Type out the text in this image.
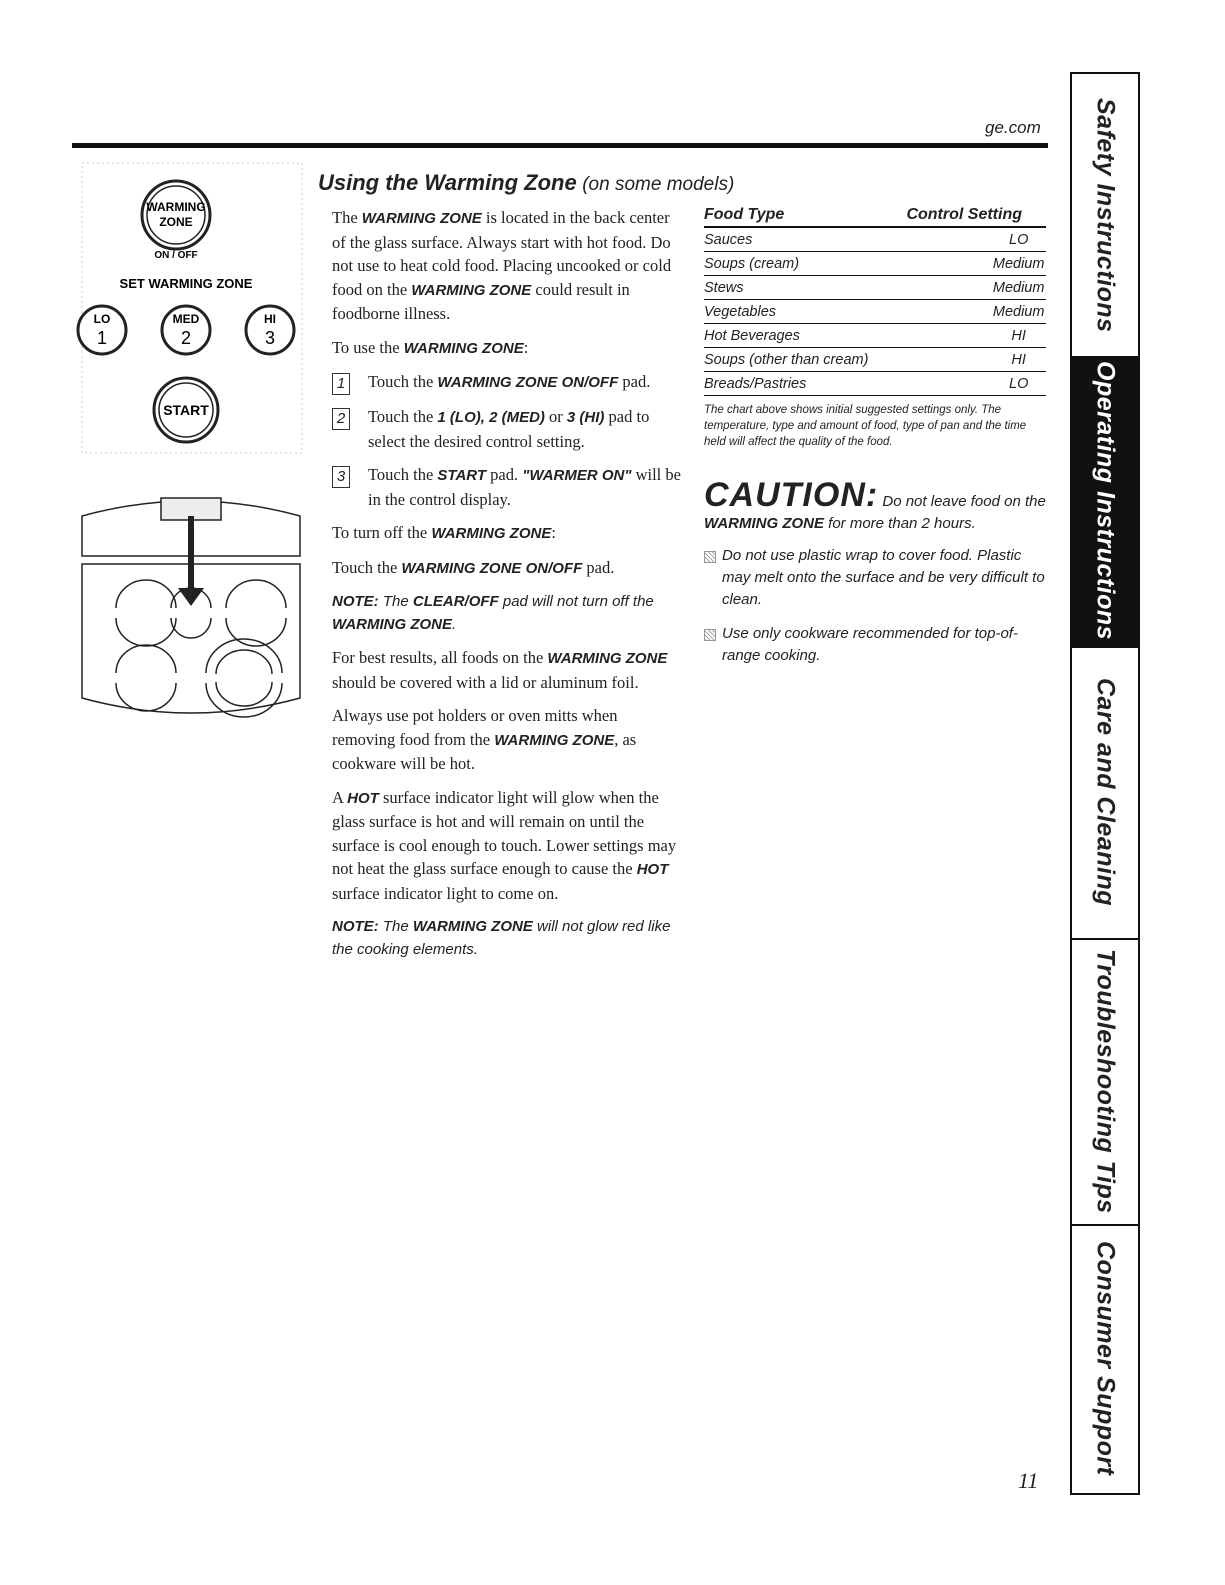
ge.com
WARMING
ZONE
ON / OFF
SET WARMING ZONE
LO
1
MED
2
HI
3
START
Using the Warming Zone (on some models)

The WARMING ZONE is located in the back center of the glass surface. Always start with hot food. Do not use to heat cold food. Placing uncooked or cold food on the WARMING ZONE could result in foodborne illness.

To use the WARMING ZONE:

1 Touch the WARMING ZONE ON/OFF pad.
2 Touch the 1 (LO), 2 (MED) or 3 (HI) pad to select the desired control setting.
3 Touch the START pad. "WARMER ON" will be in the control display.

To turn off the WARMING ZONE:

Touch the WARMING ZONE ON/OFF pad.

NOTE: The CLEAR/OFF pad will not turn off the WARMING ZONE.

For best results, all foods on the WARMING ZONE should be covered with a lid or aluminum foil.

Always use pot holders or oven mitts when removing food from the WARMING ZONE, as cookware will be hot.

A HOT surface indicator light will glow when the glass surface is hot and will remain on until the surface is cool enough to touch. Lower settings may not heat the glass surface enough to cause the HOT surface indicator light to come on.

NOTE: The WARMING ZONE will not glow red like the cooking elements.

Food Type	Control Setting
Sauces	LO
Soups (cream)	Medium
Stews	Medium
Vegetables	Medium
Hot Beverages	HI
Soups (other than cream)	HI
Breads/Pastries	LO
The chart above shows initial suggested settings only. The temperature, type and amount of food, type of pan and the time held will affect the quality of the food.
CAUTION: Do not leave food on the WARMING ZONE for more than 2 hours.
Do not use plastic wrap to cover food. Plastic may melt onto the surface and be very difficult to clean.
Use only cookware recommended for top-of-range cooking.
Safety Instructions
Operating Instructions
Care and Cleaning
Troubleshooting Tips
Consumer Support
11
